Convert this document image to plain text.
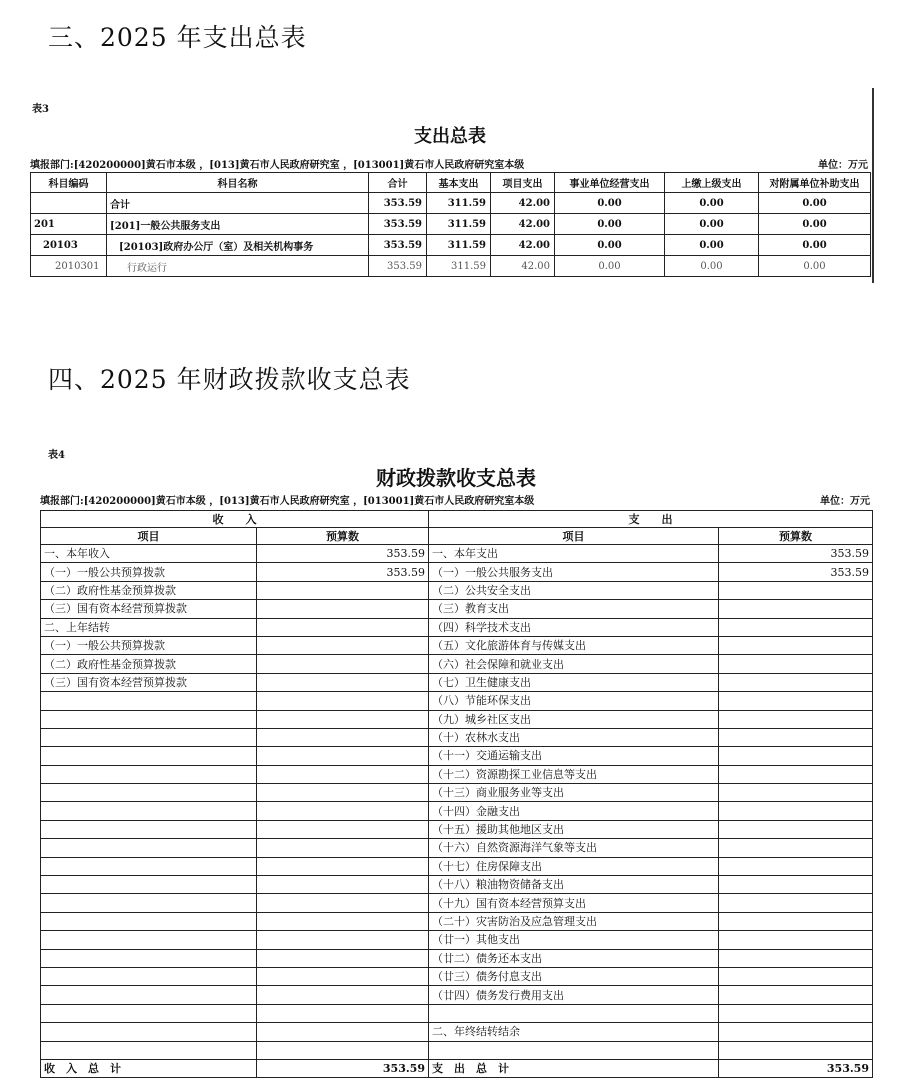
三、2025 年支出总表
表3
支出总表
填报部门:[420200000]黄石市本级 ，[013]黄石市人民政府研究室 ，[013001]黄石市人民政府研究室本级	单位：万元
科目编码	科目名称	合计	基本支出	项目支出	事业单位经营支出	上缴上级支出	对附属单位补助支出
	合计	353.59	311.59	42.00	0.00	0.00	0.00
201	[201]一般公共服务支出	353.59	311.59	42.00	0.00	0.00	0.00
20103	[20103]政府办公厅（室）及相关机构事务	353.59	311.59	42.00	0.00	0.00	0.00
2010301	行政运行	353.59	311.59	42.00	0.00	0.00	0.00
四、2025 年财政拨款收支总表
表4
财政拨款收支总表
填报部门:[420200000]黄石市本级 ，[013]黄石市人民政府研究室 ，[013001]黄石市人民政府研究室本级	单位：万元
收　　入		支　　出	
项目	预算数	项目	预算数
一、本年收入	353.59	一、本年支出	353.59
（一）一般公共预算拨款	353.59	（一）一般公共服务支出	353.59
（二）政府性基金预算拨款		（二）公共安全支出	
（三）国有资本经营预算拨款		（三）教育支出	
二、上年结转		（四）科学技术支出	
（一）一般公共预算拨款		（五）文化旅游体育与传媒支出	
（二）政府性基金预算拨款		（六）社会保障和就业支出	
（三）国有资本经营预算拨款		（七）卫生健康支出	
		（八）节能环保支出	
		（九）城乡社区支出	
		（十）农林水支出	
		（十一）交通运输支出	
		（十二）资源勘探工业信息等支出	
		（十三）商业服务业等支出	
		（十四）金融支出	
		（十五）援助其他地区支出	
		（十六）自然资源海洋气象等支出	
		（十七）住房保障支出	
		（十八）粮油物资储备支出	
		（十九）国有资本经营预算支出	
		（二十）灾害防治及应急管理支出	
		（廿一）其他支出	
		（廿二）债务还本支出	
		（廿三）债务付息支出	
		（廿四）债务发行费用支出	

		二、年终结转结余	

收　入　总　计	353.59	支　出　总　计	353.59
